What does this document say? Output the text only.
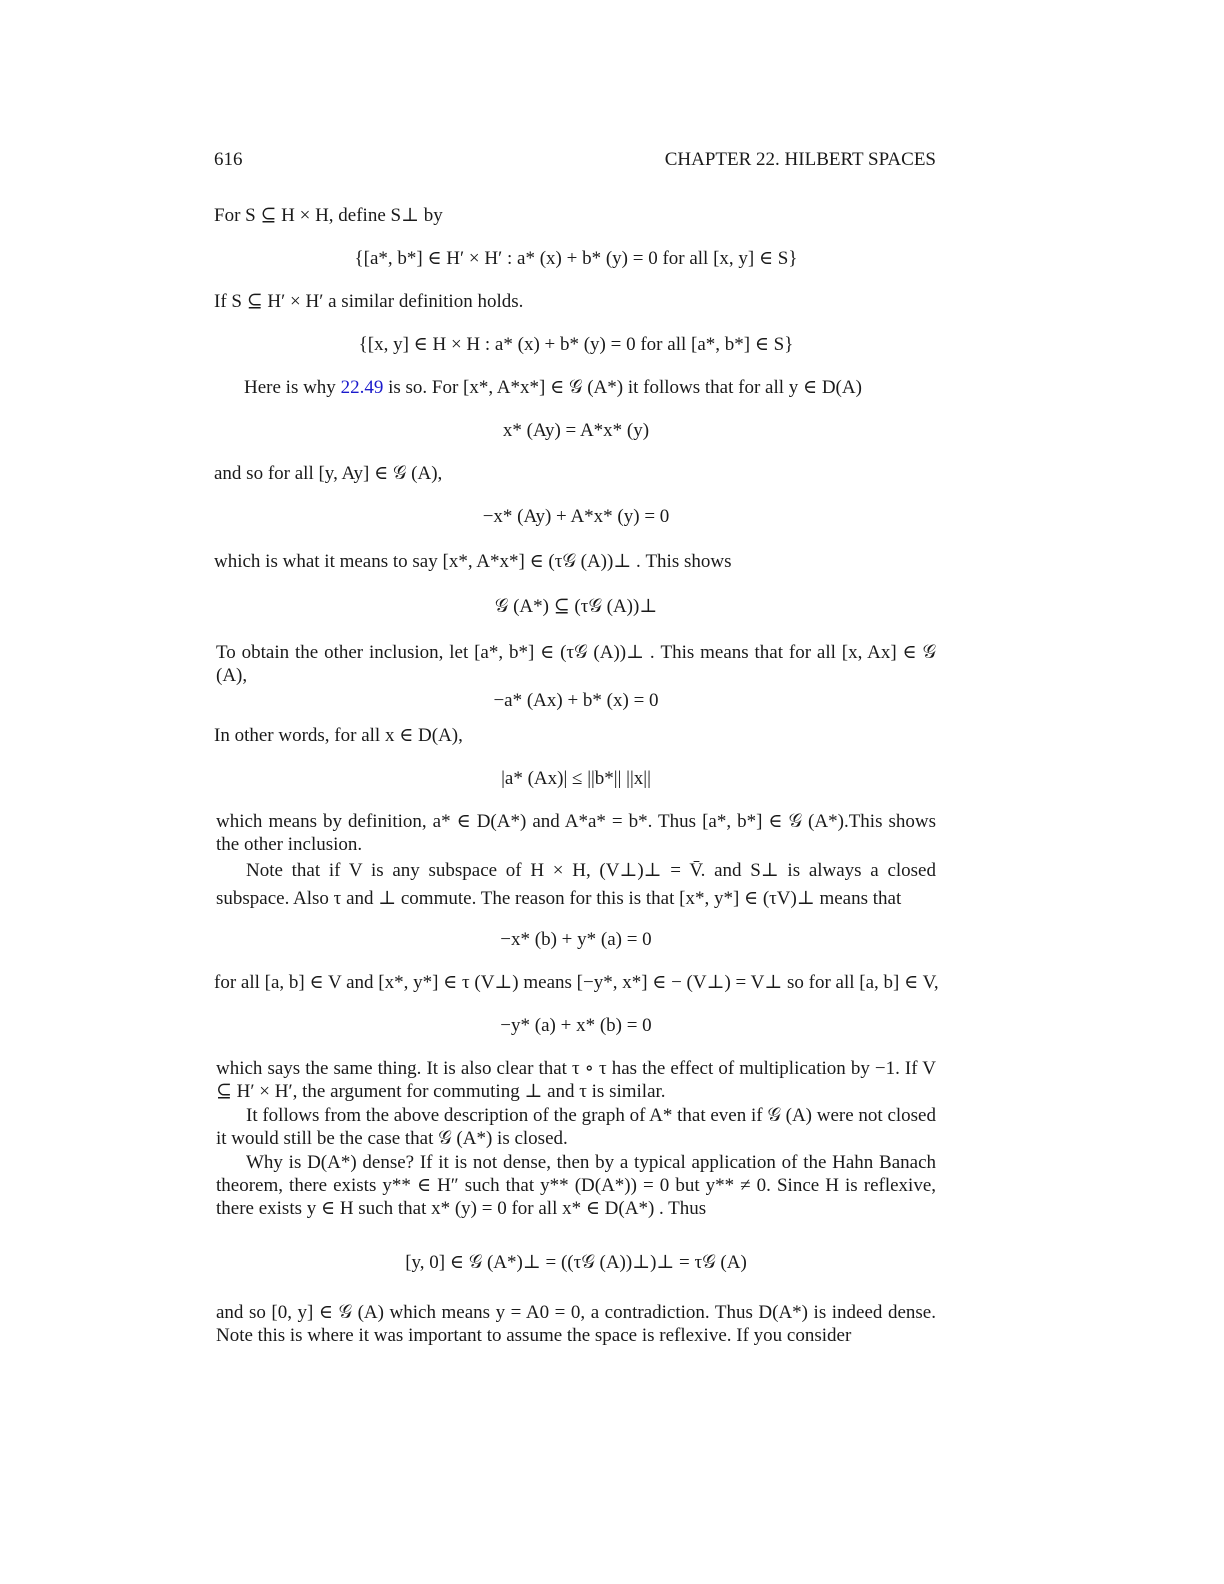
616	CHAPTER 22. HILBERT SPACES
For S ⊆ H × H, define S⊥ by
{[a*, b*] ∈ H′ × H′ : a* (x) + b* (y) = 0 for all [x, y] ∈ S}
If S ⊆ H′ × H′ a similar definition holds.
{[x, y] ∈ H × H : a* (x) + b* (y) = 0 for all [a*, b*] ∈ S}
Here is why 22.49 is so. For [x*, A*x*] ∈ 𝒢 (A*) it follows that for all y ∈ D(A)
x* (Ay) = A*x* (y)
and so for all [y, Ay] ∈ 𝒢 (A),
−x* (Ay) + A*x* (y) = 0
which is what it means to say [x*, A*x*] ∈ (τ𝒢 (A))⊥ . This shows
𝒢 (A*) ⊆ (τ𝒢 (A))⊥
To obtain the other inclusion, let [a*, b*] ∈ (τ𝒢 (A))⊥ . This means that for all [x, Ax] ∈ 𝒢 (A),
−a* (Ax) + b* (x) = 0
In other words, for all x ∈ D(A),
|a* (Ax)| ≤ ||b*|| ||x||
which means by definition, a* ∈ D(A*) and A*a* = b*. Thus [a*, b*] ∈ 𝒢 (A*).This shows the other inclusion.
Note that if V is any subspace of H × H, (V⊥)⊥ = V̄. and S⊥ is always a closed subspace. Also τ and ⊥ commute. The reason for this is that [x*, y*] ∈ (τV)⊥ means that
−x* (b) + y* (a) = 0
for all [a, b] ∈ V and [x*, y*] ∈ τ (V⊥) means [−y*, x*] ∈ − (V⊥) = V⊥ so for all [a, b] ∈ V,
−y* (a) + x* (b) = 0
which says the same thing. It is also clear that τ ∘ τ has the effect of multiplication by −1. If V ⊆ H′ × H′, the argument for commuting ⊥ and τ is similar.
It follows from the above description of the graph of A* that even if 𝒢 (A) were not closed it would still be the case that 𝒢 (A*) is closed.
Why is D(A*) dense? If it is not dense, then by a typical application of the Hahn Banach theorem, there exists y** ∈ H″ such that y** (D(A*)) = 0 but y** ≠ 0. Since H is reflexive, there exists y ∈ H such that x* (y) = 0 for all x* ∈ D(A*) . Thus
[y, 0] ∈ 𝒢 (A*)⊥ = ((τ𝒢 (A))⊥)⊥ = τ𝒢 (A)
and so [0, y] ∈ 𝒢 (A) which means y = A0 = 0, a contradiction. Thus D(A*) is indeed dense. Note this is where it was important to assume the space is reflexive. If you consider
